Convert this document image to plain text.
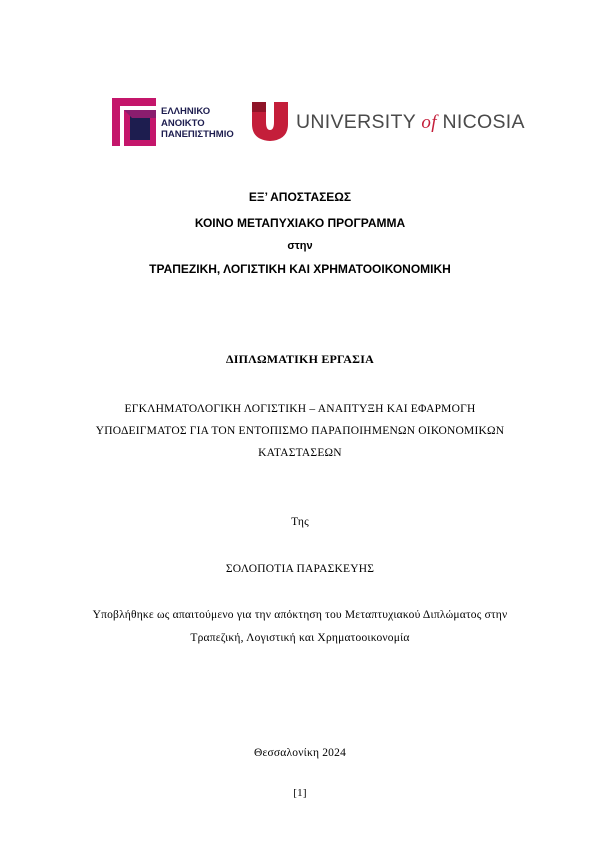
ΕΛΛΗΝΙΚΟ
ΑΝΟΙΚΤΟ
ΠΑΝΕΠΙΣΤΗΜΙΟ
UNIVERSITY of NICOSIA
ΕΞ’ ΑΠΟΣΤΑΣΕΩΣ
ΚΟΙΝΟ ΜΕΤΑΠΥΧΙΑΚΟ ΠΡΟΓΡΑΜΜΑ
στην
ΤΡΑΠΕΖΙΚΗ, ΛΟΓΙΣΤΙΚΗ ΚΑΙ ΧΡΗΜΑΤΟΟΙΚΟΝΟΜΙΚΗ
ΔΙΠΛΩΜΑΤΙΚΗ ΕΡΓΑΣΙΑ
ΕΓΚΛΗΜΑΤΟΛΟΓΙΚΗ ΛΟΓΙΣΤΙΚΗ – ΑΝΑΠΤΥΞΗ ΚΑΙ ΕΦΑΡΜΟΓΗ
ΥΠΟΔΕΙΓΜΑΤΟΣ ΓΙΑ ΤΟΝ ΕΝΤΟΠΙΣΜΟ ΠΑΡΑΠΟΙΗΜΕΝΩΝ ΟΙΚΟΝΟΜΙΚΩΝ
ΚΑΤΑΣΤΑΣΕΩΝ
Της
ΣΟΛΟΠΟΤΙΑ ΠΑΡΑΣΚΕΥΗΣ
Υποβλήθηκε ως απαιτούμενο για την απόκτηση του Μεταπτυχιακού Διπλώματος στην
Τραπεζική, Λογιστική και Χρηματοοικονομία
Θεσσαλονίκη 2024
[1]
